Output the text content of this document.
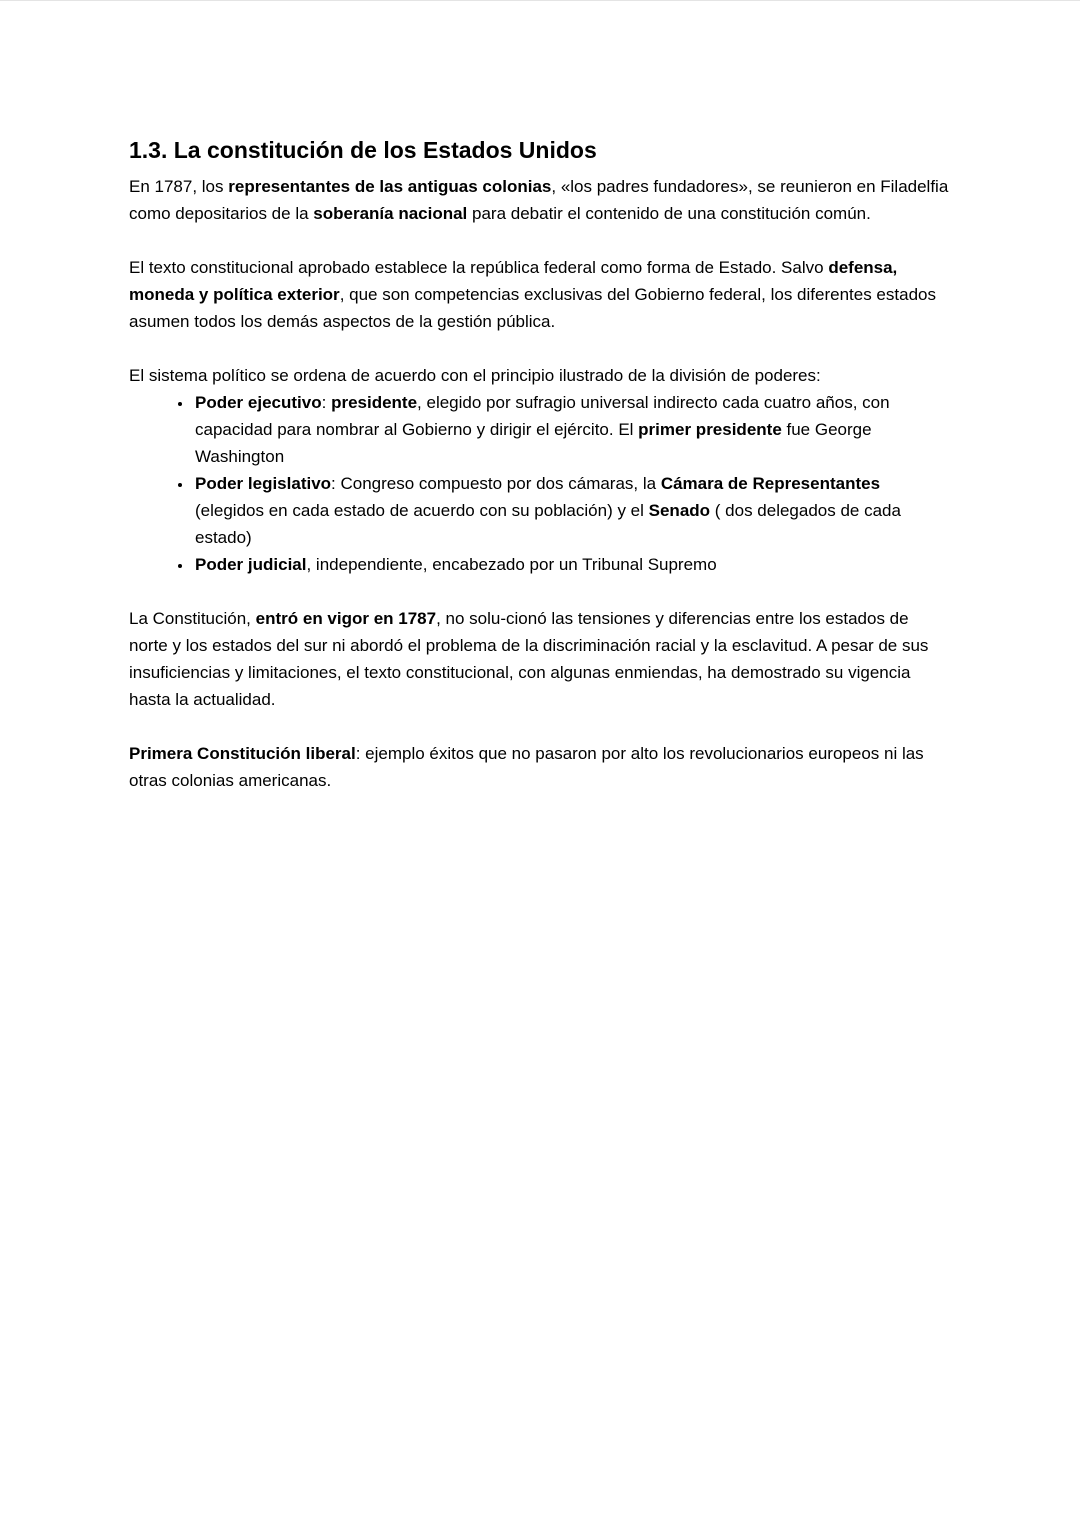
1.3. La constitución de los Estados Unidos

En 1787, los representantes de las antiguas colonias, «los padres fundadores», se reunieron en Filadelfia como depositarios de la soberanía nacional para debatir el contenido de una constitución común.

El texto constitucional aprobado establece la república federal como forma de Estado. Salvo defensa, moneda y política exterior, que son competencias exclusivas del Gobierno federal, los diferentes estados asumen todos los demás aspectos de la gestión pública.

El sistema político se ordena de acuerdo con el principio ilustrado de la división de poderes:

• Poder ejecutivo: presidente, elegido por sufragio universal indirecto cada cuatro años, con capacidad para nombrar al Gobierno y dirigir el ejército. El primer presidente fue George Washington
• Poder legislativo: Congreso compuesto por dos cámaras, la Cámara de Representantes (elegidos en cada estado de acuerdo con su población) y el Senado ( dos delegados de cada estado)
• Poder judicial, independiente, encabezado por un Tribunal Supremo

La Constitución, entró en vigor en 1787, no solu-cionó las tensiones y diferencias entre los estados de norte y los estados del sur ni abordó el problema de la discriminación racial y la esclavitud. A pesar de sus insuficiencias y limitaciones, el texto constitucional, con algunas enmiendas, ha demostrado su vigencia hasta la actualidad.

Primera Constitución liberal: ejemplo éxitos que no pasaron por alto los revolucionarios europeos ni las otras colonias americanas.
